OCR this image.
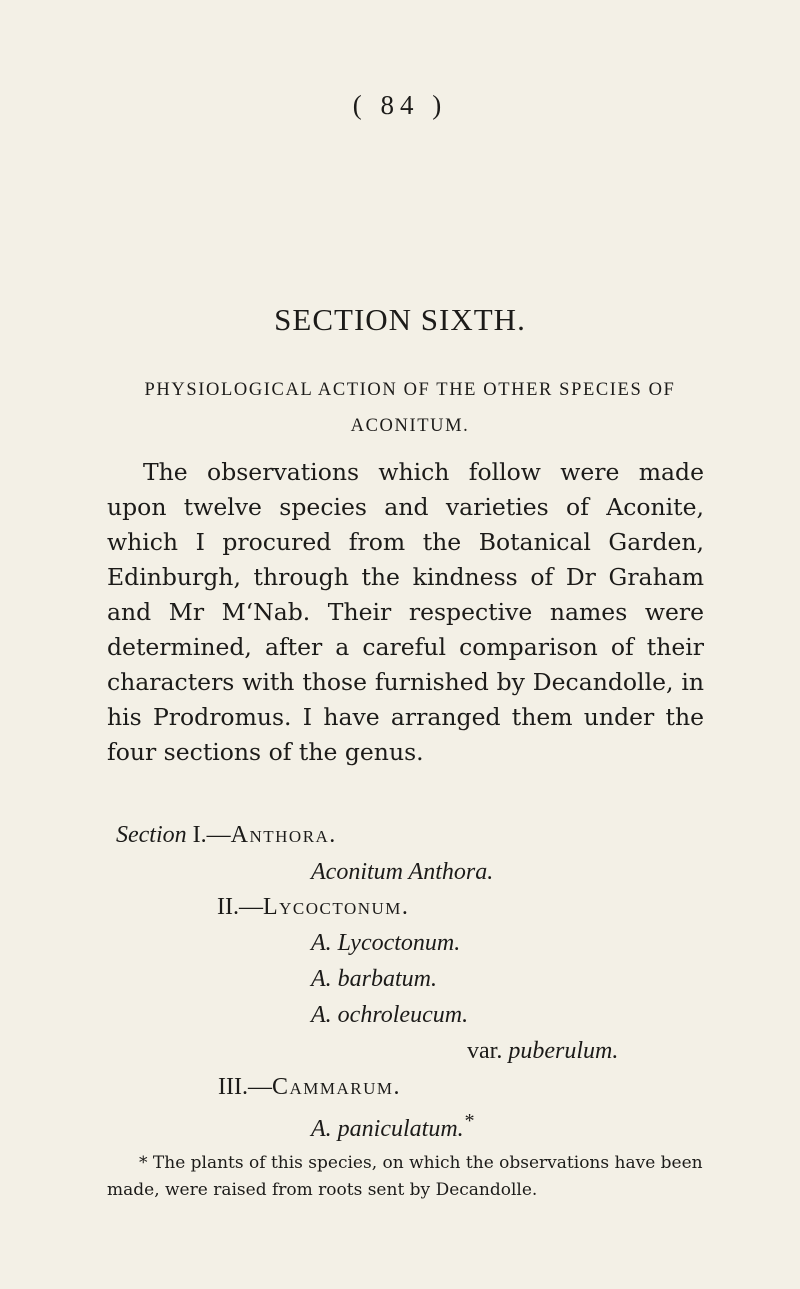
( 84 )
SECTION SIXTH.
PHYSIOLOGICAL ACTION OF THE OTHER SPECIES OF ACONITUM.

The observations which follow were made upon twelve species and varieties of Aconite, which I procured from the Botanical Garden, Edinburgh, through the kindness of Dr Graham and Mr M‘Nab. Their respective names were determined, after a careful comparison of their characters with those furnished by Decandolle, in his Prodromus. I have arranged them under the four sections of the genus.

Section I.—Anthora.
Aconitum Anthora.
II.—Lycoctonum.
A. Lycoctonum.
A. barbatum.
A. ochroleucum.
var. puberulum.
III.—Cammarum.
A. paniculatum.*

* The plants of this species, on which the observations have been made, were raised from roots sent by Decandolle.
